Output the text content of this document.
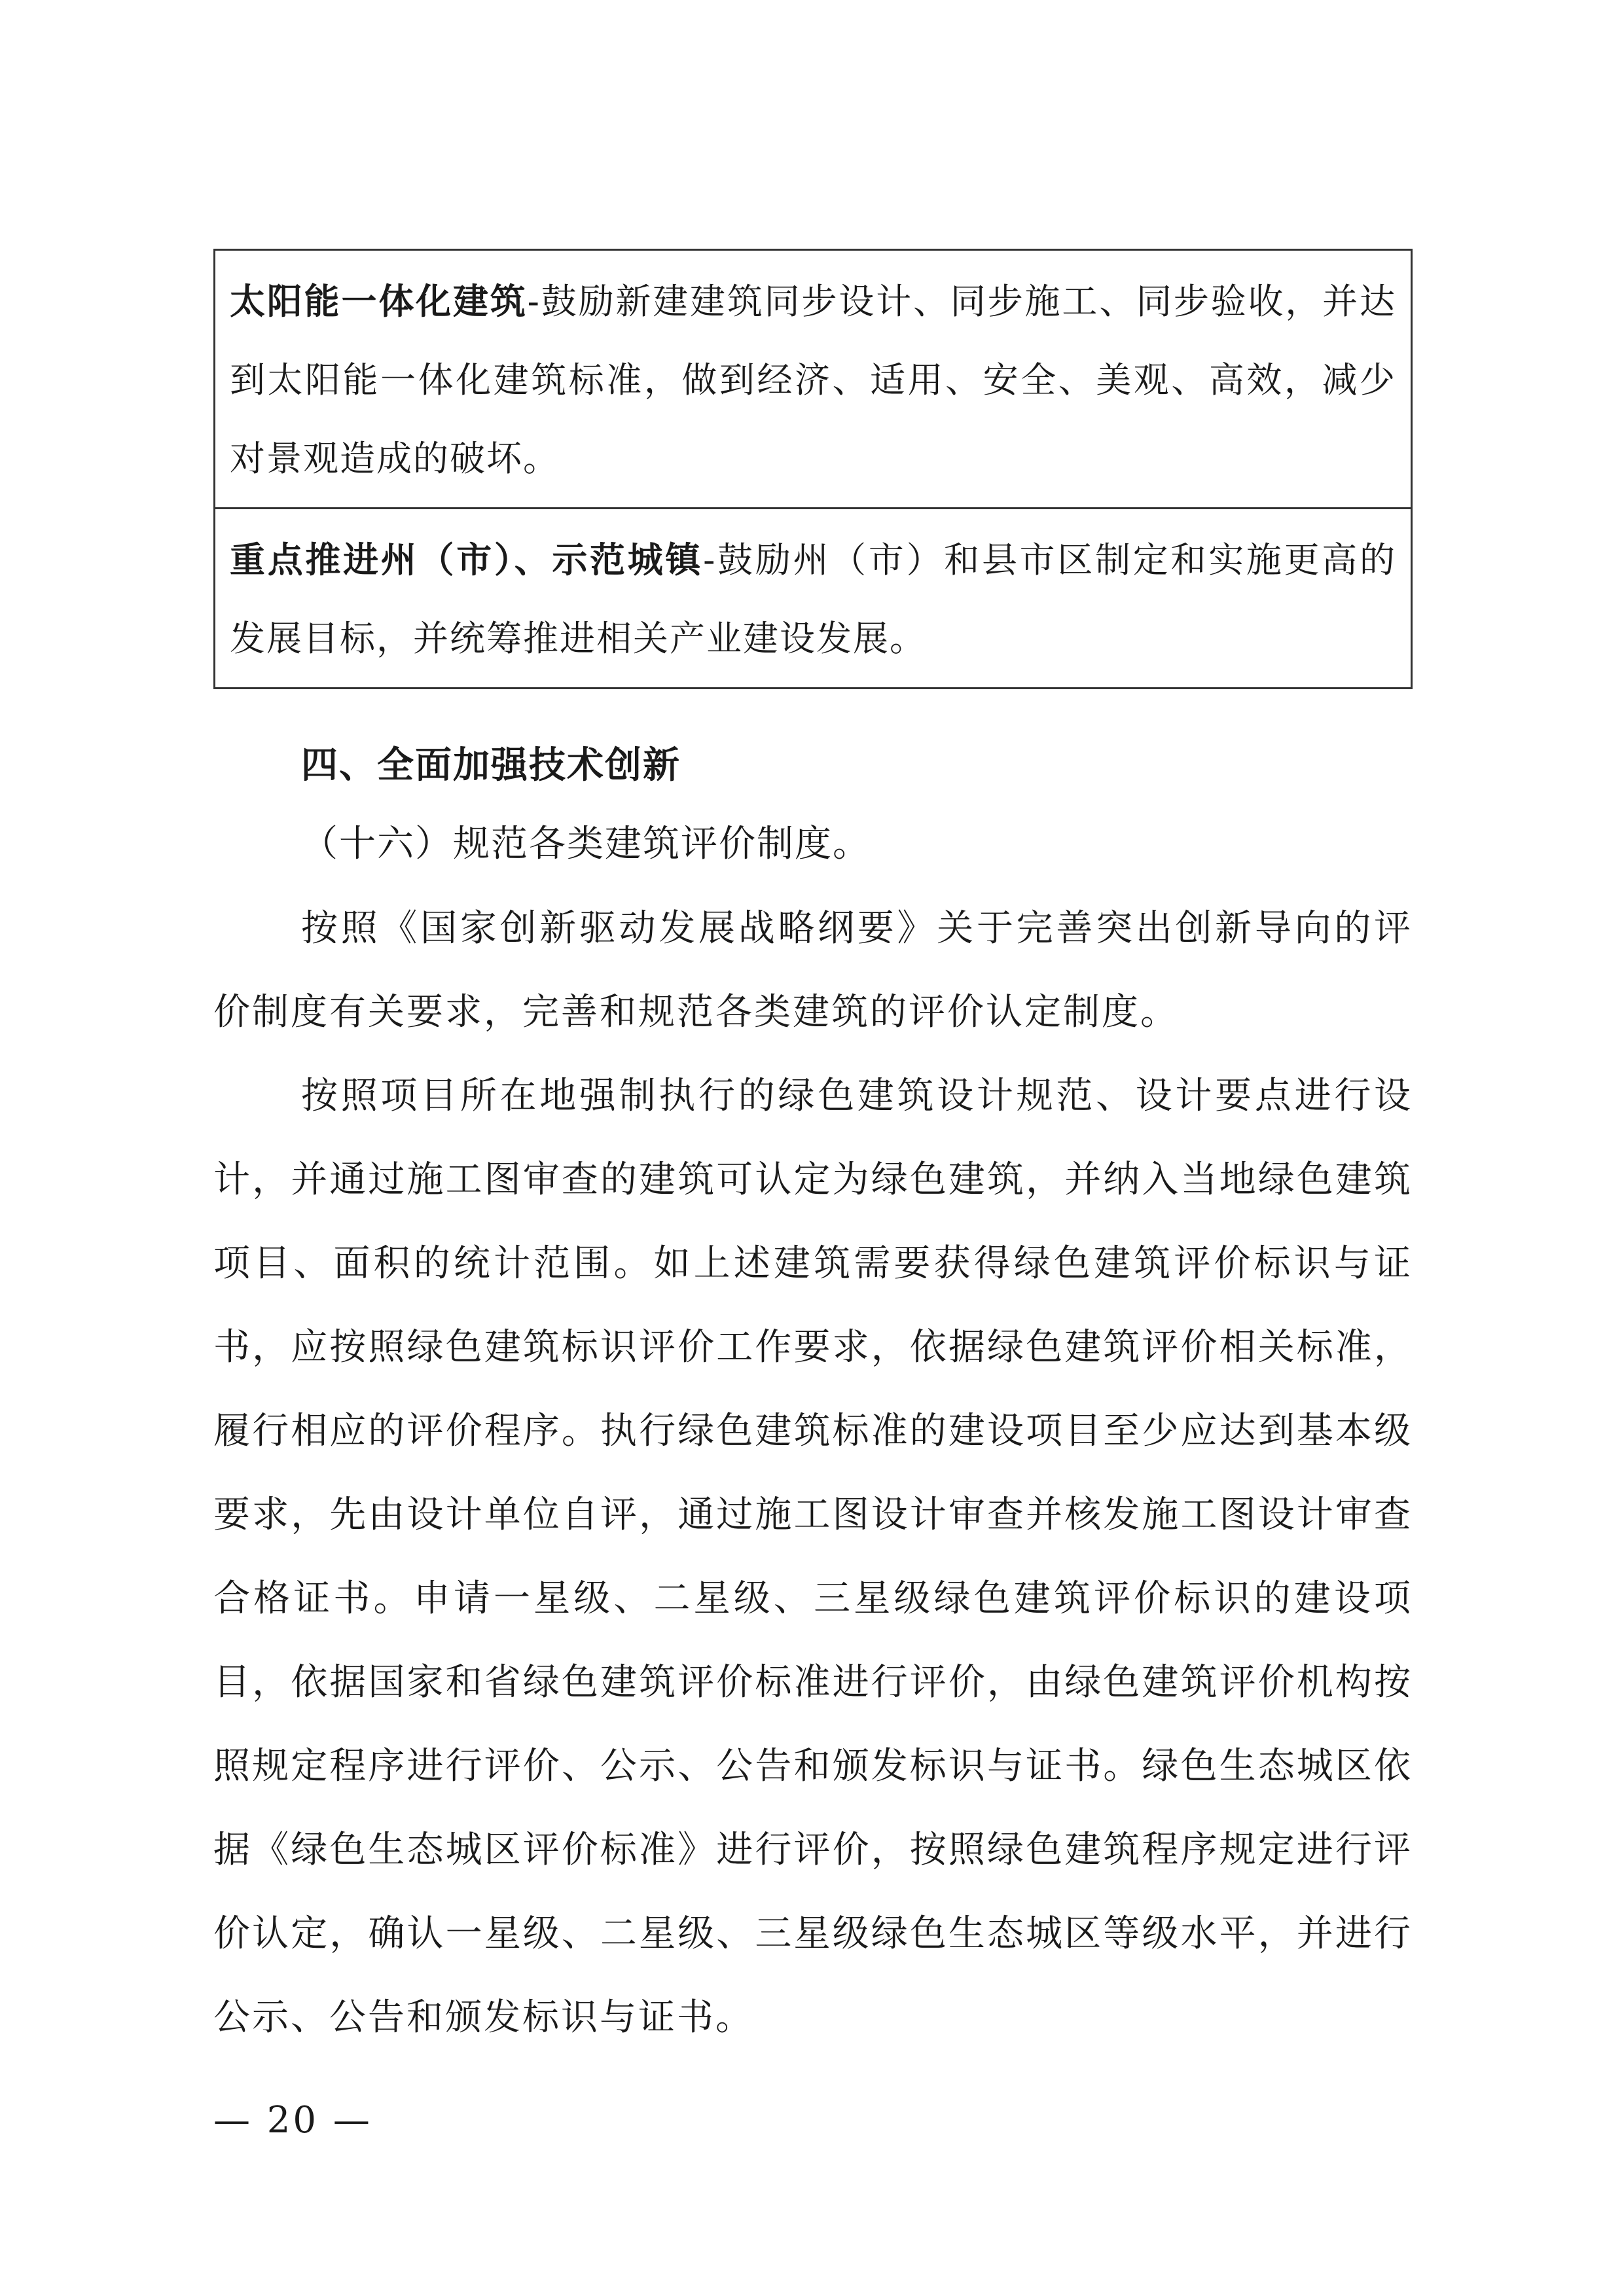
太阳能一体化建筑-鼓励新建建筑同步设计、同步施工、同步验收，并达到太阳能一体化建筑标准，做到经济、适用、安全、美观、高效，减少对景观造成的破坏。
重点推进州（市）、示范城镇-鼓励州（市）和县市区制定和实施更高的发展目标，并统筹推进相关产业建设发展。
四、全面加强技术创新
（十六）规范各类建筑评价制度。

按照《国家创新驱动发展战略纲要》关于完善突出创新导向的评价制度有关要求，完善和规范各类建筑的评价认定制度。

按照项目所在地强制执行的绿色建筑设计规范、设计要点进行设计，并通过施工图审查的建筑可认定为绿色建筑，并纳入当地绿色建筑项目、面积的统计范围。如上述建筑需要获得绿色建筑评价标识与证书，应按照绿色建筑标识评价工作要求，依据绿色建筑评价相关标准，履行相应的评价程序。执行绿色建筑标准的建设项目至少应达到基本级要求，先由设计单位自评，通过施工图设计审查并核发施工图设计审查合格证书。申请一星级、二星级、三星级绿色建筑评价标识的建设项目，依据国家和省绿色建筑评价标准进行评价，由绿色建筑评价机构按照规定程序进行评价、公示、公告和颁发标识与证书。绿色生态城区依据《绿色生态城区评价标准》进行评价，按照绿色建筑程序规定进行评价认定，确认一星级、二星级、三星级绿色生态城区等级水平，并进行公示、公告和颁发标识与证书。

— 20 —
